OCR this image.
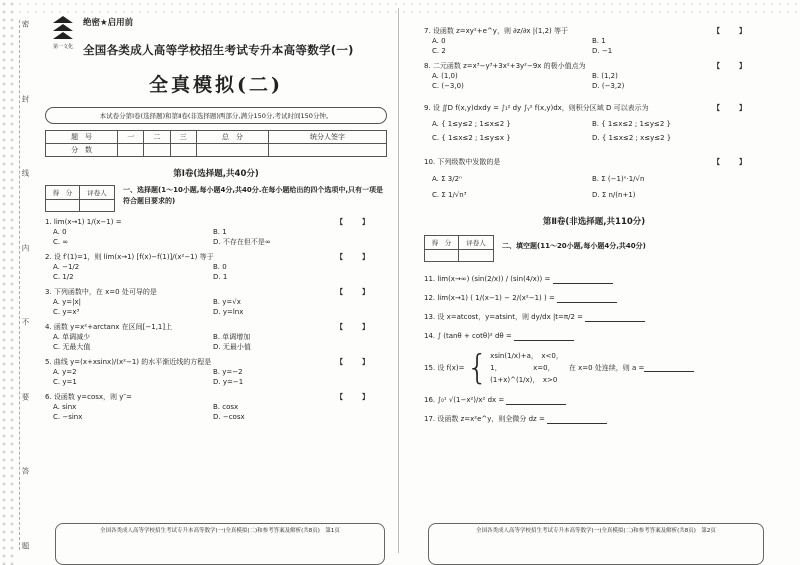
密
封
线
内
不
要
答
题
第一文化
绝密★启用前
全国各类成人高等学校招生考试专升本高等数学(一)
全真模拟(二)
本试卷分第Ⅰ卷(选择题)和第Ⅱ卷(非选择题)两部分,满分150分,考试时间150分钟。
题　号	一	二	三	总　分	统分人签字
分　数					
第Ⅰ卷(选择题,共40分)
得　分	评卷人	一、选择题(1～10小题,每小题4分,共40分.在每小题给出的四个选项中,只有一项是符合题目要求的)
1. lim(x→1) 1/(x−1) =	【　】
A. 0	B. 1
C. ∞	D. 不存在但不是∞
2. 设 f′(1)=1，则 lim(x→1) [f(x)−f(1)]/(x²−1) 等于	【　】
A. −1/2	B. 0
C. 1/2	D. 1
3. 下列函数中，在 x=0 处可导的是	【　】
A. y=|x|	B. y=√x
C. y=x³	D. y=lnx
4. 函数 y=x²+arctanx 在区间[−1,1]上	【　】
A. 单调减少	B. 单调增加
C. 无最大值	D. 无最小值
5. 曲线 y=(x+xsinx)/(x²−1) 的水平渐近线的方程是	【　】
A. y=2	B. y=−2
C. y=1	D. y=−1
6. 设函数 y=cosx，则 y″=	【　】
A. sinx	B. cosx
C. −sinx	D. −cosx
全国各类成人高等学校招生考试专升本高等数学(一)全真模拟(二)和参考答案及解析(共8页)　第1页
7. 设函数 z=xy²+e^y，则 ∂z/∂x |(1,2) 等于	【　】
A. 0	B. 1
C. 2	D. −1
8. 二元函数 z=x³−y³+3x²+3y²−9x 的极小值点为	【　】
A. (1,0)	B. (1,2)
C. (−3,0)	D. (−3,2)
9. 设 ∬D f(x,y)dxdy = ∫₁² dy ∫ᵧ² f(x,y)dx，则积分区域 D 可以表示为	【　】
A. { 1≤y≤2 ; 1≤x≤2 }	B. { 1≤x≤2 ; 1≤y≤2 }
C. { 1≤x≤2 ; 1≤y≤x }	D. { 1≤x≤2 ; x≤y≤2 }
10. 下列级数中发散的是	【　】
A. Σ 3/2ⁿ	B. Σ (−1)ⁿ·1/√n
C. Σ 1/√n³	D. Σ n/(n+1)
第Ⅱ卷(非选择题,共110分)
得　分	评卷人	二、填空题(11～20小题,每小题4分,共40分)
11. lim(x→∞) (sin(2/x)) / (sin(4/x)) =
12. lim(x→1) ( 1/(x−1) − 2/(x²−1) ) =
13. 设 x=atcost，y=atsint，则 dy/dx |t=π/2 =
14. ∫ (tanθ + cotθ)² dθ =
15. 设 f(x)= { xsin(1/x)+a，　x<0，
1，　　　　　x=0，
(1+x)^(1/x)，　x>0
在 x=0 处连续，则 a =
16. ∫₀¹ √(1−x²)/x² dx =
17. 设函数 z=x²e^y，则全微分 dz =
全国各类成人高等学校招生考试专升本高等数学(一)全真模拟(二)和参考答案及解析(共8页)　第2页
